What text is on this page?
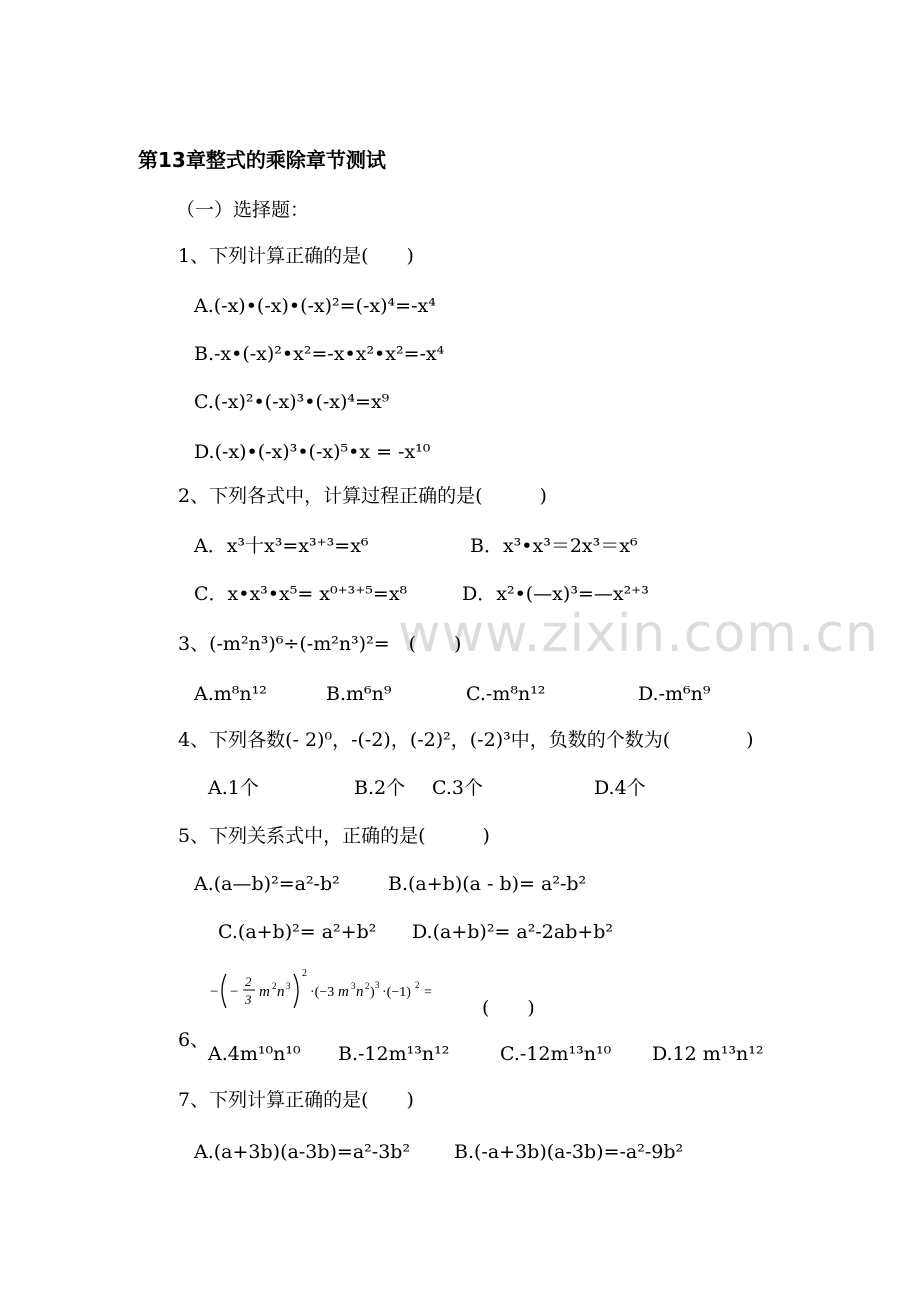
www.zixin.com.cn
第13章整式的乘除章节测试
（一）选择题：
1、下列计算正确的是(　　)
A.(-x)•(-x)•(-x)²=(-x)⁴=-x⁴
B.-x•(-x)²•x²=-x•x²•x²=-x⁴
C.(-x)²•(-x)³•(-x)⁴=x⁹
D.(-x)•(-x)³•(-x)⁵•x = -x¹⁰
2、下列各式中，计算过程正确的是(　　　)
A．x³十x³=x³⁺³=x⁶	B．x³•x³＝2x³＝x⁶
C．x•x³•x⁵= x⁰⁺³⁺⁵=x⁸	D．x²•(—x)³=—x²⁺³
3、(-m²n³)⁶÷(-m²n³)²=　(　　)
A.m⁸n¹²	B.m⁶n⁹	C.-m⁸n¹²	D.-m⁶n⁹
4、下列各数(- 2)⁰，-(-2)，(-2)²，(-2)³中，负数的个数为(　　　　)
A.1个	B.2个 C.3个	D.4个
5、下列关系式中，正确的是(　　　)
A.(a—b)²=a²-b²	B.(a+b)(a - b)= a²-b²
C.(a+b)²= a²+b² D.(a+b)²= a²-2ab+b²
− −
2
3 m 2 n 3
2
·(−3 m 3 n 2 ) 3 ·(−1) 2 =
6、
(　　)
A.4m¹⁰n¹⁰ B.-12m¹³n¹²	C.-12m¹³n¹⁰ D.12 m¹³n¹²
7、下列计算正确的是(　　)
A.(a+3b)(a-3b)=a²-3b² B.(-a+3b)(a-3b)=-a²-9b²
